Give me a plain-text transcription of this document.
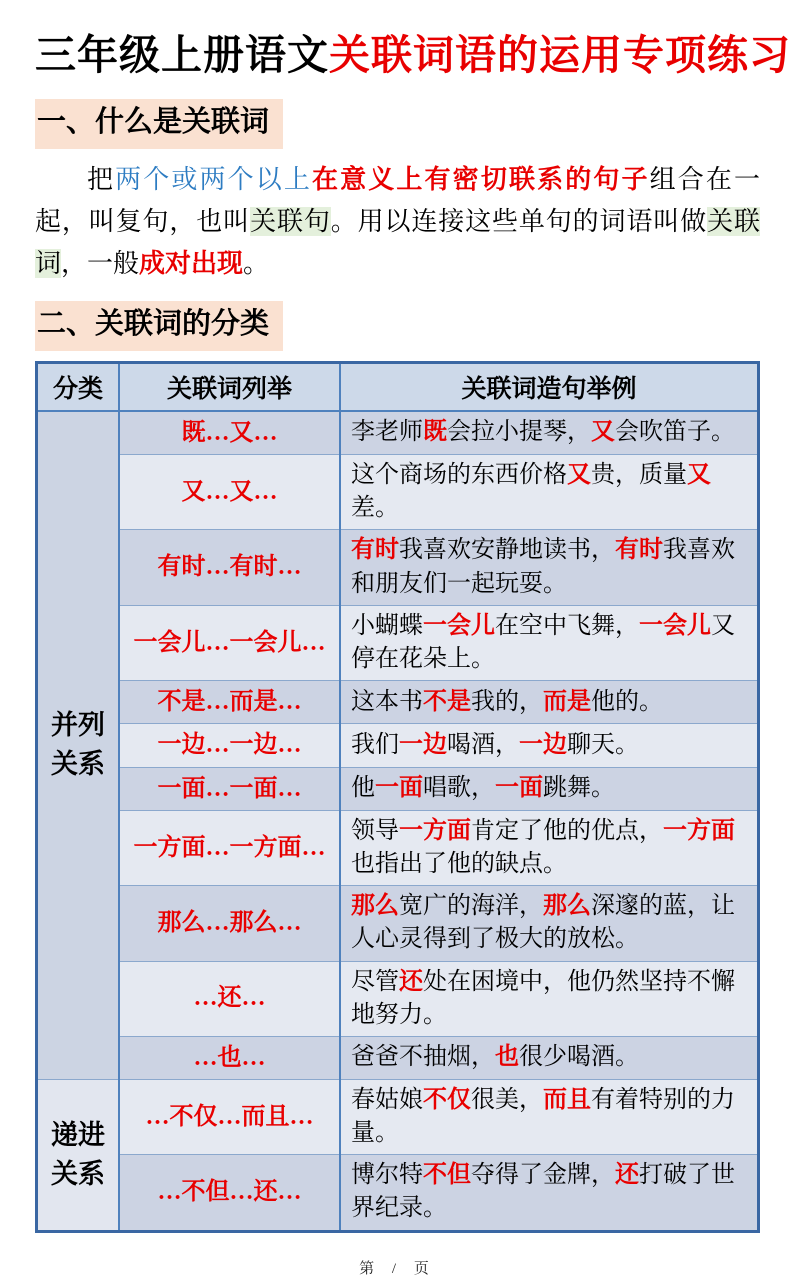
三年级上册语文关联词语的运用专项练习
一、什么是关联词

把两个或两个以上在意义上有密切联系的句子组合在一起，叫复句，也叫关联句。用以连接这些单句的词语叫做关联词，一般成对出现。

二、关联词的分类
分类	关联词列举	关联词造句举例
并列关系	既…又…	李老师既会拉小提琴，又会吹笛子。
	又…又…	这个商场的东西价格又贵，质量又差。
	有时…有时…	有时我喜欢安静地读书，有时我喜欢和朋友们一起玩耍。
	一会儿…一会儿…	小蝴蝶一会儿在空中飞舞，一会儿又停在花朵上。
	不是…而是…	这本书不是我的，而是他的。
	一边…一边…	我们一边喝酒，一边聊天。
	一面…一面…	他一面唱歌，一面跳舞。
	一方面…一方面…	领导一方面肯定了他的优点，一方面也指出了他的缺点。
	那么…那么…	那么宽广的海洋，那么深邃的蓝，让人心灵得到了极大的放松。
	…还…	尽管还处在困境中，他仍然坚持不懈地努力。
	…也…	爸爸不抽烟，也很少喝酒。
递进关系	…不仅…而且…	春姑娘不仅很美，而且有着特别的力量。
	…不但…还…	博尔特不但夺得了金牌，还打破了世界纪录。
第 / 页
